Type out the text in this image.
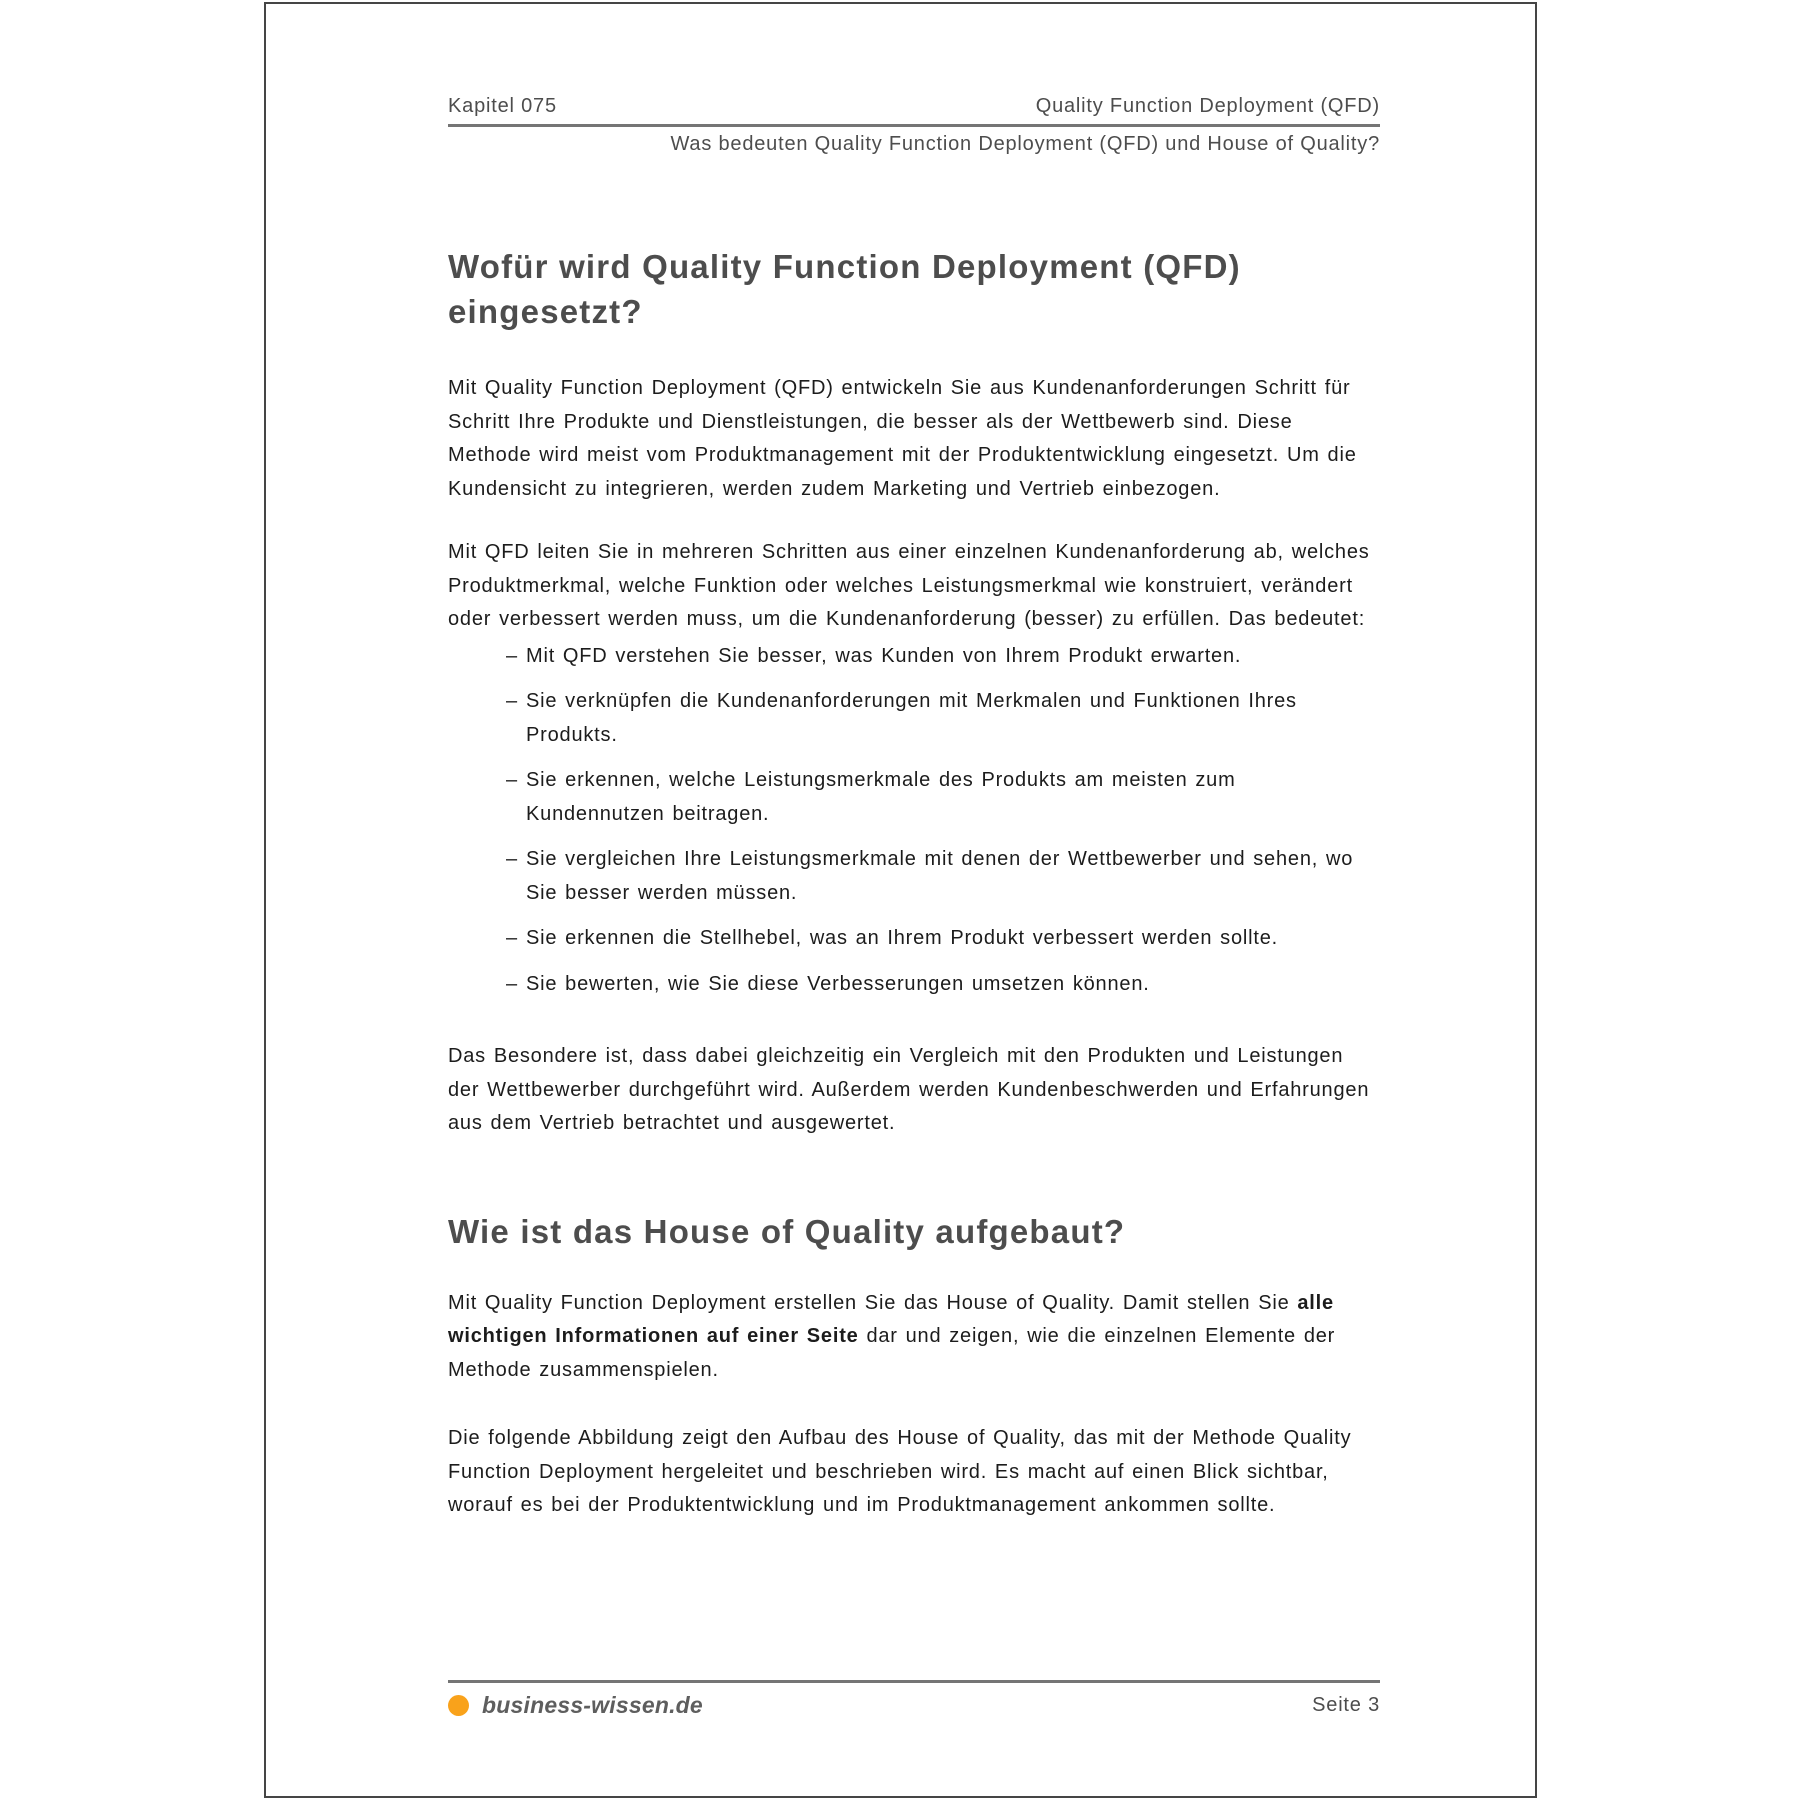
Kapitel 075	Quality Function Deployment (QFD)
Was bedeuten Quality Function Deployment (QFD) und House of Quality?
Wofür wird Quality Function Deployment (QFD) eingesetzt?

Mit Quality Function Deployment (QFD) entwickeln Sie aus Kundenanforderungen Schritt für Schritt Ihre Produkte und Dienstleistungen, die besser als der Wettbewerb sind. Diese Methode wird meist vom Produktmanagement mit der Produktentwicklung eingesetzt. Um die Kundensicht zu integrieren, werden zudem Marketing und Vertrieb einbezogen.

Mit QFD leiten Sie in mehreren Schritten aus einer einzelnen Kundenanforderung ab, welches Produktmerkmal, welche Funktion oder welches Leistungsmerkmal wie konstruiert, verändert oder verbessert werden muss, um die Kundenanforderung (besser) zu erfüllen. Das bedeutet:

– Mit QFD verstehen Sie besser, was Kunden von Ihrem Produkt erwarten.
– Sie verknüpfen die Kundenanforderungen mit Merkmalen und Funktionen Ihres Produkts.
– Sie erkennen, welche Leistungsmerkmale des Produkts am meisten zum Kundennutzen beitragen.
– Sie vergleichen Ihre Leistungsmerkmale mit denen der Wettbewerber und sehen, wo Sie besser werden müssen.
– Sie erkennen die Stellhebel, was an Ihrem Produkt verbessert werden sollte.
– Sie bewerten, wie Sie diese Verbesserungen umsetzen können.

Das Besondere ist, dass dabei gleichzeitig ein Vergleich mit den Produkten und Leistungen der Wettbewerber durchgeführt wird. Außerdem werden Kundenbeschwerden und Erfahrungen aus dem Vertrieb betrachtet und ausgewertet.

Wie ist das House of Quality aufgebaut?

Mit Quality Function Deployment erstellen Sie das House of Quality. Damit stellen Sie alle wichtigen Informationen auf einer Seite dar und zeigen, wie die einzelnen Elemente der Methode zusammenspielen.

Die folgende Abbildung zeigt den Aufbau des House of Quality, das mit der Methode Quality Function Deployment hergeleitet und beschrieben wird. Es macht auf einen Blick sichtbar, worauf es bei der Produktentwicklung und im Produktmanagement ankommen sollte.

business-wissen.de	Seite 3
